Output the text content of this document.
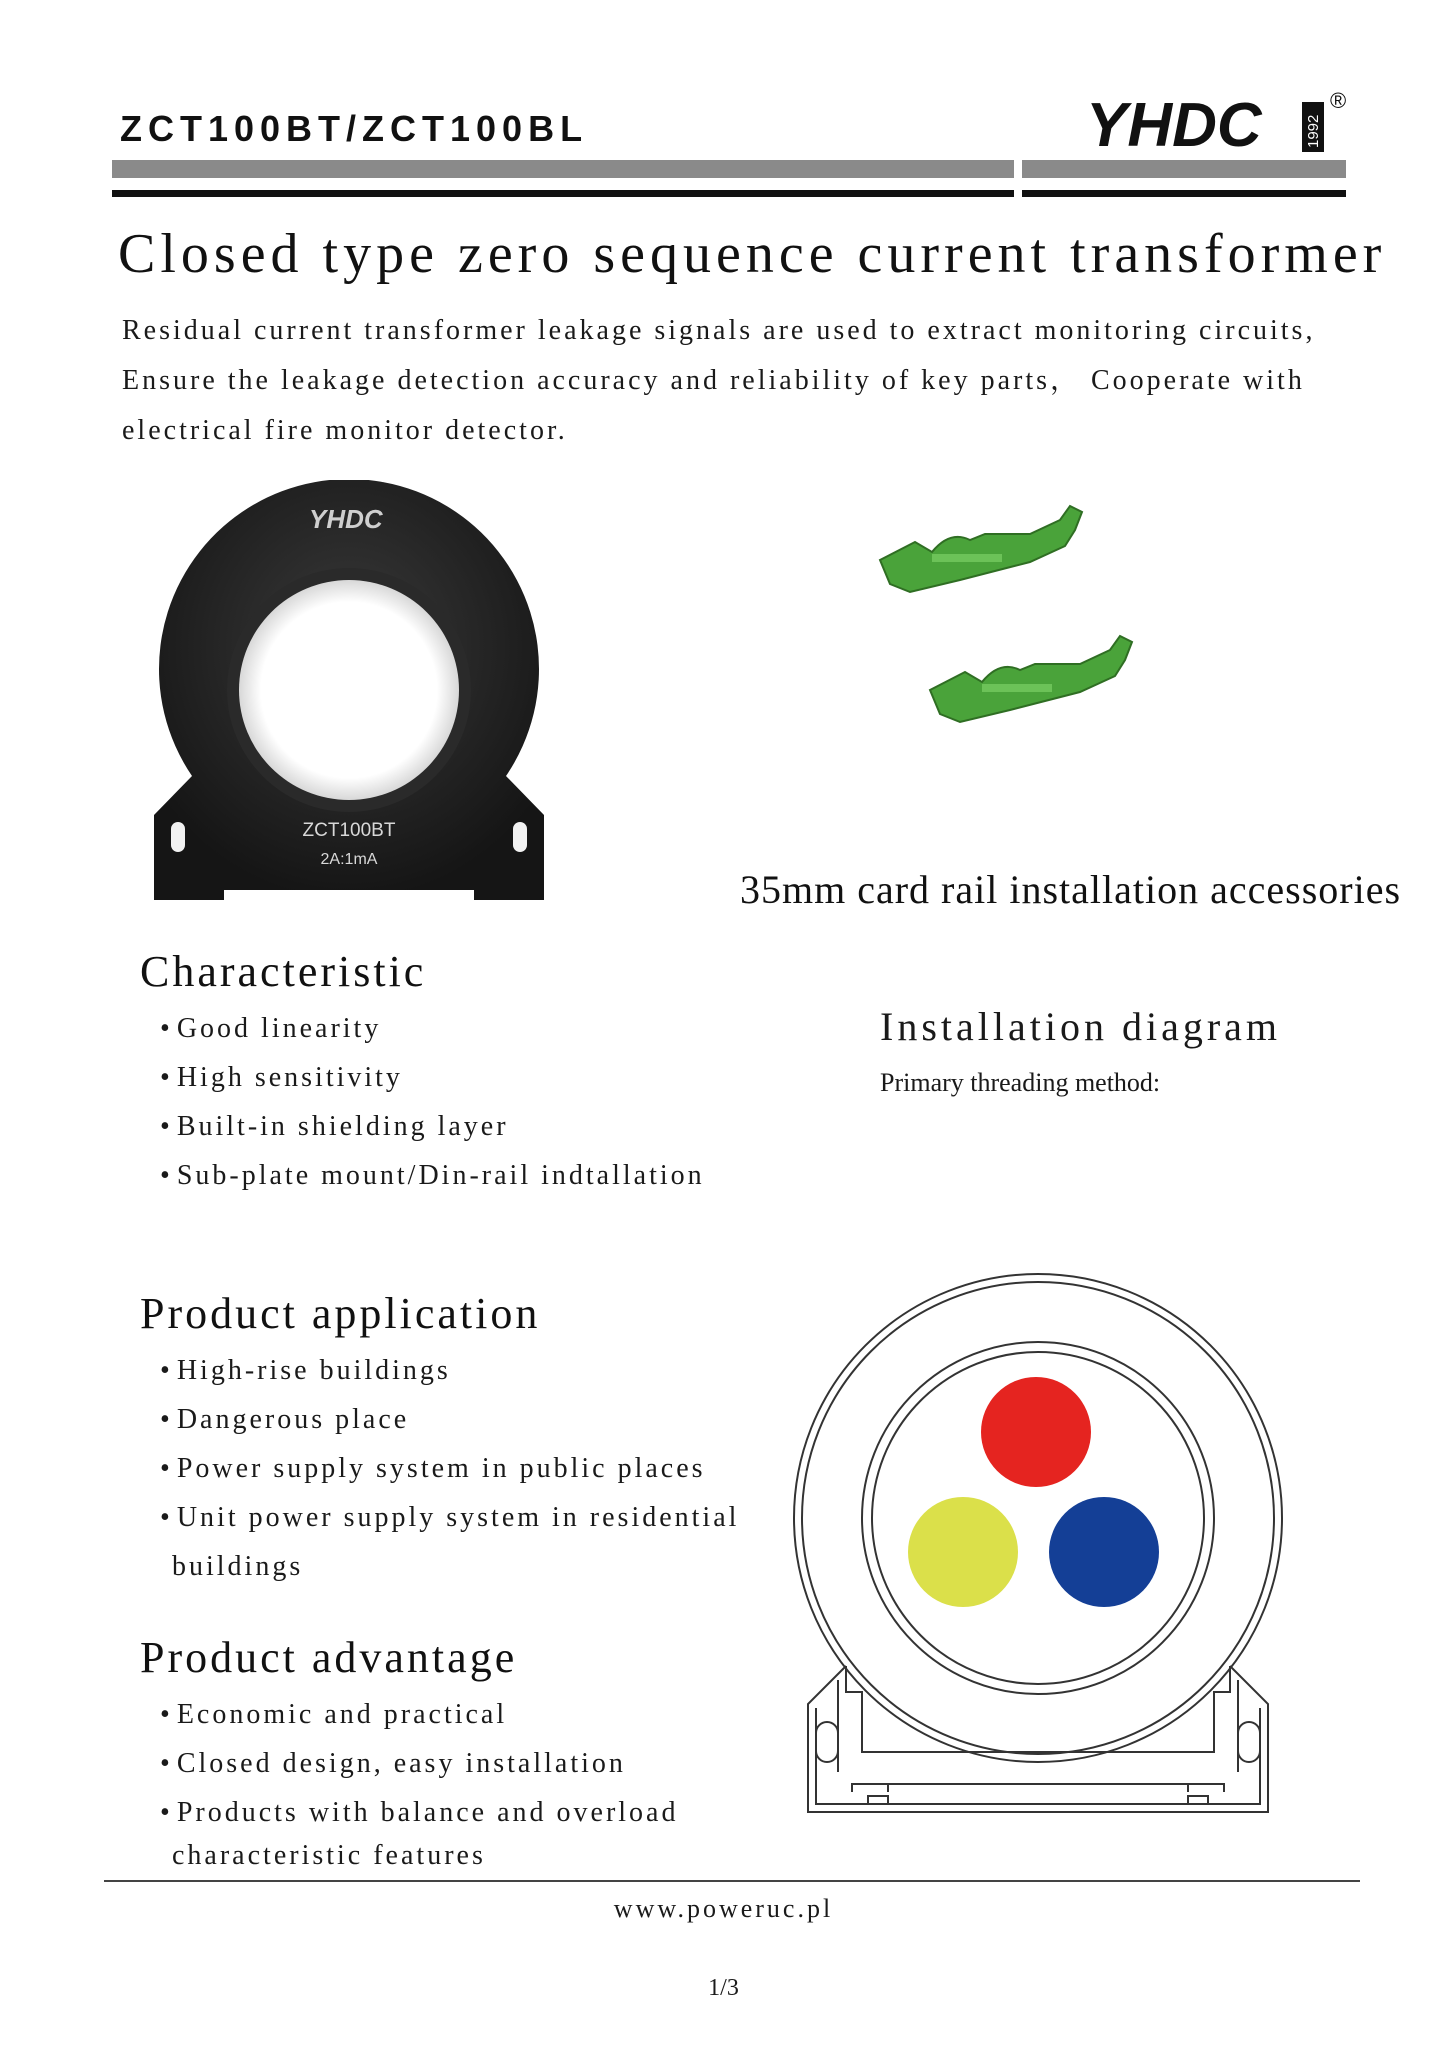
ZCT100BT/ZCT100BL	YHDC	1992
®
Closed type zero sequence current transformer
Residual current transformer leakage signals are used to extract monitoring circuits,
Ensure the leakage detection accuracy and reliability of key parts， Cooperate with
electrical fire monitor detector.
YHDC
ZCT100BT
2A:1mA
35mm card rail installation accessories
Characteristic
• Good linearity
• High sensitivity
• Built-in shielding layer
• Sub-plate mount/Din-rail indtallation
Installation diagram
Primary threading method:
Product application
• High-rise buildings
• Dangerous place
• Power supply system in public places
• Unit power supply system in residential
buildings
Product advantage
• Economic and practical
• Closed design, easy installation
• Products with balance and overload
characteristic features
www.poweruc.pl
1/3
